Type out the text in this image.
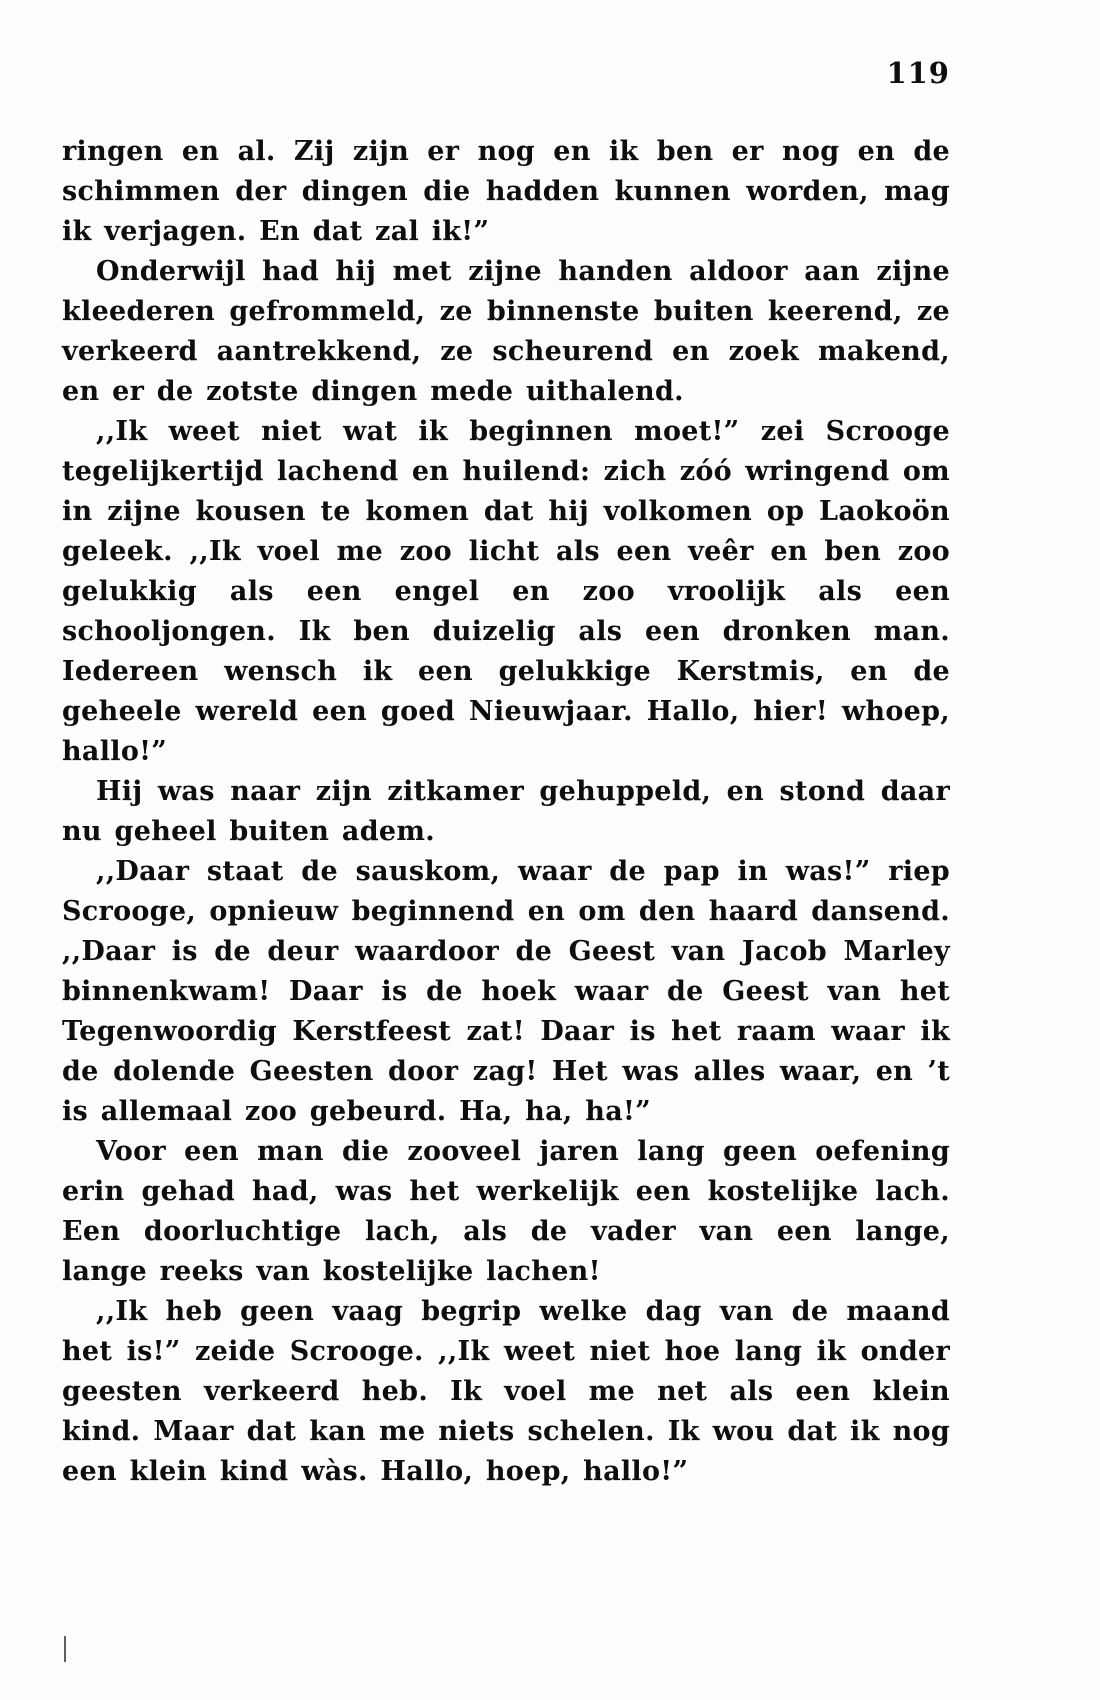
119

ringen en al. Zij zijn er nog en ik ben er nog en de schimmen der dingen die hadden kunnen worden, mag ik verjagen. En dat zal ik!”

Onderwijl had hij met zijne handen aldoor aan zijne kleederen gefrommeld, ze binnenste buiten keerend, ze verkeerd aantrekkend, ze scheurend en zoek makend, en er de zotste dingen mede uithalend.

,,Ik weet niet wat ik beginnen moet!” zei Scrooge tegelijkertijd lachend en huilend: zich zóó wringend om in zijne kousen te komen dat hij volkomen op Laokoön geleek. ,,Ik voel me zoo licht als een veêr en ben zoo gelukkig als een engel en zoo vroolijk als een schooljongen. Ik ben duizelig als een dronken man. Iedereen wensch ik een gelukkige Kerstmis, en de geheele wereld een goed Nieuwjaar. Hallo, hier! whoep, hallo!”

Hij was naar zijn zitkamer gehuppeld, en stond daar nu geheel buiten adem.

,,Daar staat de sauskom, waar de pap in was!” riep Scrooge, opnieuw beginnend en om den haard dansend. ,,Daar is de deur waardoor de Geest van Jacob Marley binnenkwam! Daar is de hoek waar de Geest van het Tegenwoordig Kerstfeest zat! Daar is het raam waar ik de dolende Geesten door zag! Het was alles waar, en ’t is allemaal zoo gebeurd. Ha, ha, ha!”

Voor een man die zooveel jaren lang geen oefening erin gehad had, was het werkelijk een kostelijke lach. Een doorluchtige lach, als de vader van een lange, lange reeks van kostelijke lachen!

,,Ik heb geen vaag begrip welke dag van de maand het is!” zeide Scrooge. ,,Ik weet niet hoe lang ik onder geesten verkeerd heb. Ik voel me net als een klein kind. Maar dat kan me niets schelen. Ik wou dat ik nog een klein kind wàs. Hallo, hoep, hallo!”
